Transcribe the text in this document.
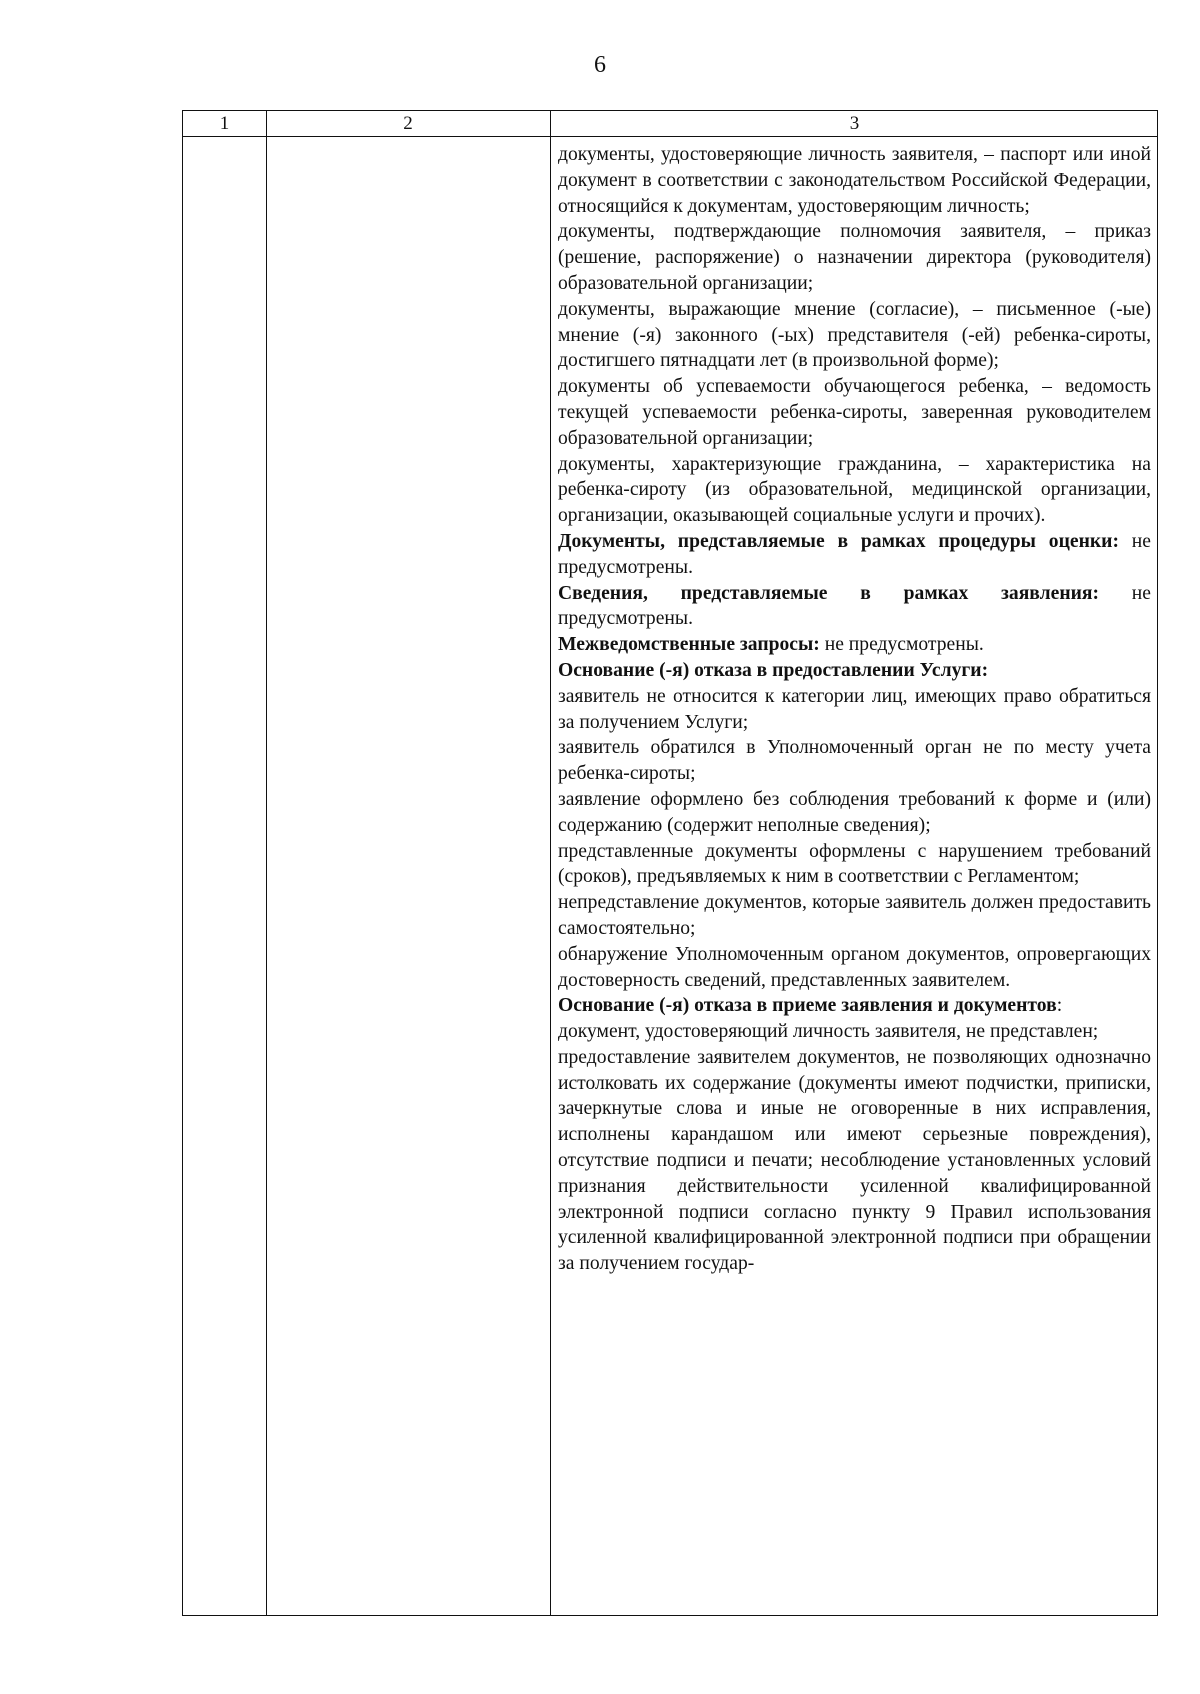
6
1	2	3
документы, удостоверяющие личность заявителя, – паспорт или иной документ в соответствии с законодательством Российской Федерации, относящийся к документам, удостоверяющим личность;
документы, подтверждающие полномочия заявителя, – приказ (решение, распоряжение) о назначении директора (руководителя) образовательной организации;
документы, выражающие мнение (согласие), – письменное (-ые) мнение (-я) законного (-ых) представителя (-ей) ребенка-сироты, достигшего пятнадцати лет (в произвольной форме);
документы об успеваемости обучающегося ребенка, – ведомость текущей успеваемости ребенка-сироты, заверенная руководителем образовательной организации;
документы, характеризующие гражданина, – характеристика на ребенка-сироту (из образовательной, медицинской организации, организации, оказывающей социальные услуги и прочих).
Документы, представляемые в рамках процедуры оценки: не предусмотрены.
Сведения, представляемые в рамках заявления: не предусмотрены.
Межведомственные запросы: не предусмотрены.
Основание (-я) отказа в предоставлении Услуги:
заявитель не относится к категории лиц, имеющих право обратиться за получением Услуги;
заявитель обратился в Уполномоченный орган не по месту учета ребенка-сироты;
заявление оформлено без соблюдения требований к форме и (или) содержанию (содержит неполные сведения);
представленные документы оформлены с нарушением требований (сроков), предъявляемых к ним в соответствии с Регламентом;
непредставление документов, которые заявитель должен предоставить самостоятельно;
обнаружение Уполномоченным органом документов, опровергающих достоверность сведений, представленных заявителем.
Основание (-я) отказа в приеме заявления и документов:
документ, удостоверяющий личность заявителя, не представлен;
предоставление заявителем документов, не позволяющих однозначно истолковать их содержание (документы имеют подчистки, приписки, зачеркнутые слова и иные не оговоренные в них исправления, исполнены карандашом или имеют серьезные повреждения), отсутствие подписи и печати; несоблюдение установленных условий признания действительности усиленной квалифицированной электронной подписи согласно пункту 9 Правил использования усиленной квалифицированной электронной подписи при обращении за получением государ-
